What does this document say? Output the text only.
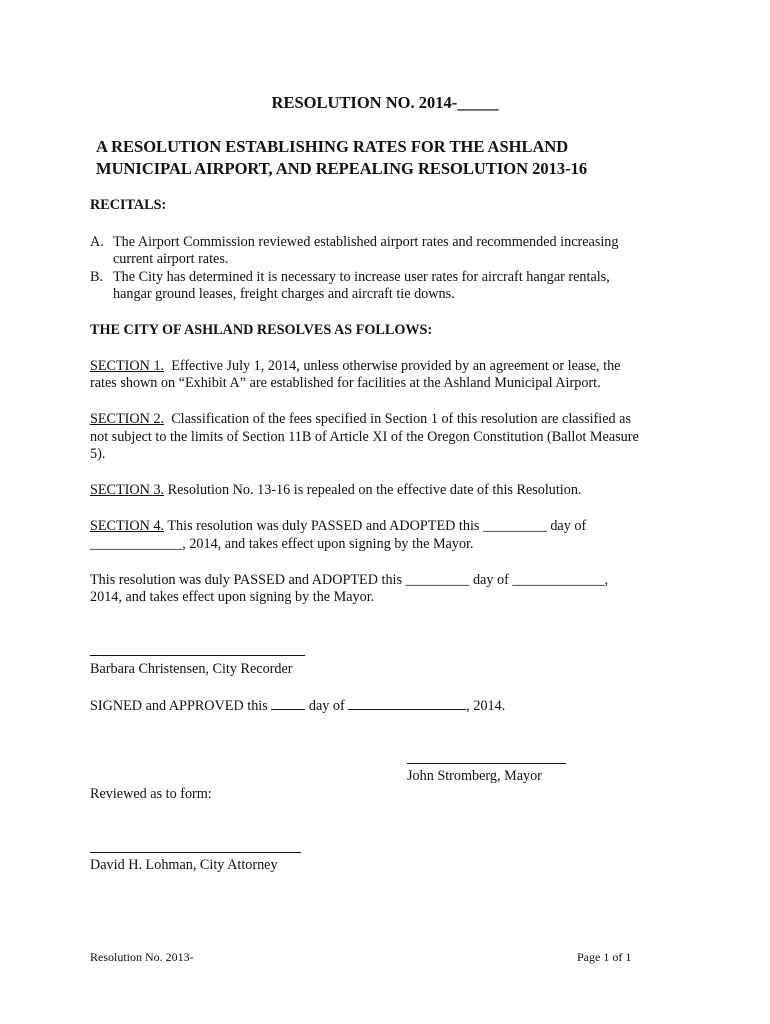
RESOLUTION NO. 2014-_____
A RESOLUTION ESTABLISHING RATES FOR THE ASHLAND
MUNICIPAL AIRPORT, AND REPEALING RESOLUTION 2013-16
RECITALS:
A. The Airport Commission reviewed established airport rates and recommended increasing
current airport rates.
B. The City has determined it is necessary to increase user rates for aircraft hangar rentals,
hangar ground leases, freight charges and aircraft tie downs.
THE CITY OF ASHLAND RESOLVES AS FOLLOWS:
SECTION 1. Effective July 1, 2014, unless otherwise provided by an agreement or lease, the
rates shown on “Exhibit A” are established for facilities at the Ashland Municipal Airport.
SECTION 2. Classification of the fees specified in Section 1 of this resolution are classified as
not subject to the limits of Section 11B of Article XI of the Oregon Constitution (Ballot Measure
5).
SECTION 3. Resolution No. 13-16 is repealed on the effective date of this Resolution.
SECTION 4. This resolution was duly PASSED and ADOPTED this _________ day of
_____________, 2014, and takes effect upon signing by the Mayor.
This resolution was duly PASSED and ADOPTED this _________ day of _____________,
2014, and takes effect upon signing by the Mayor.
Barbara Christensen, City Recorder
SIGNED and APPROVED this  day of	, 2014.
John Stromberg, Mayor
Reviewed as to form:
David H. Lohman, City Attorney
Resolution No. 2013-	Page 1 of 1
